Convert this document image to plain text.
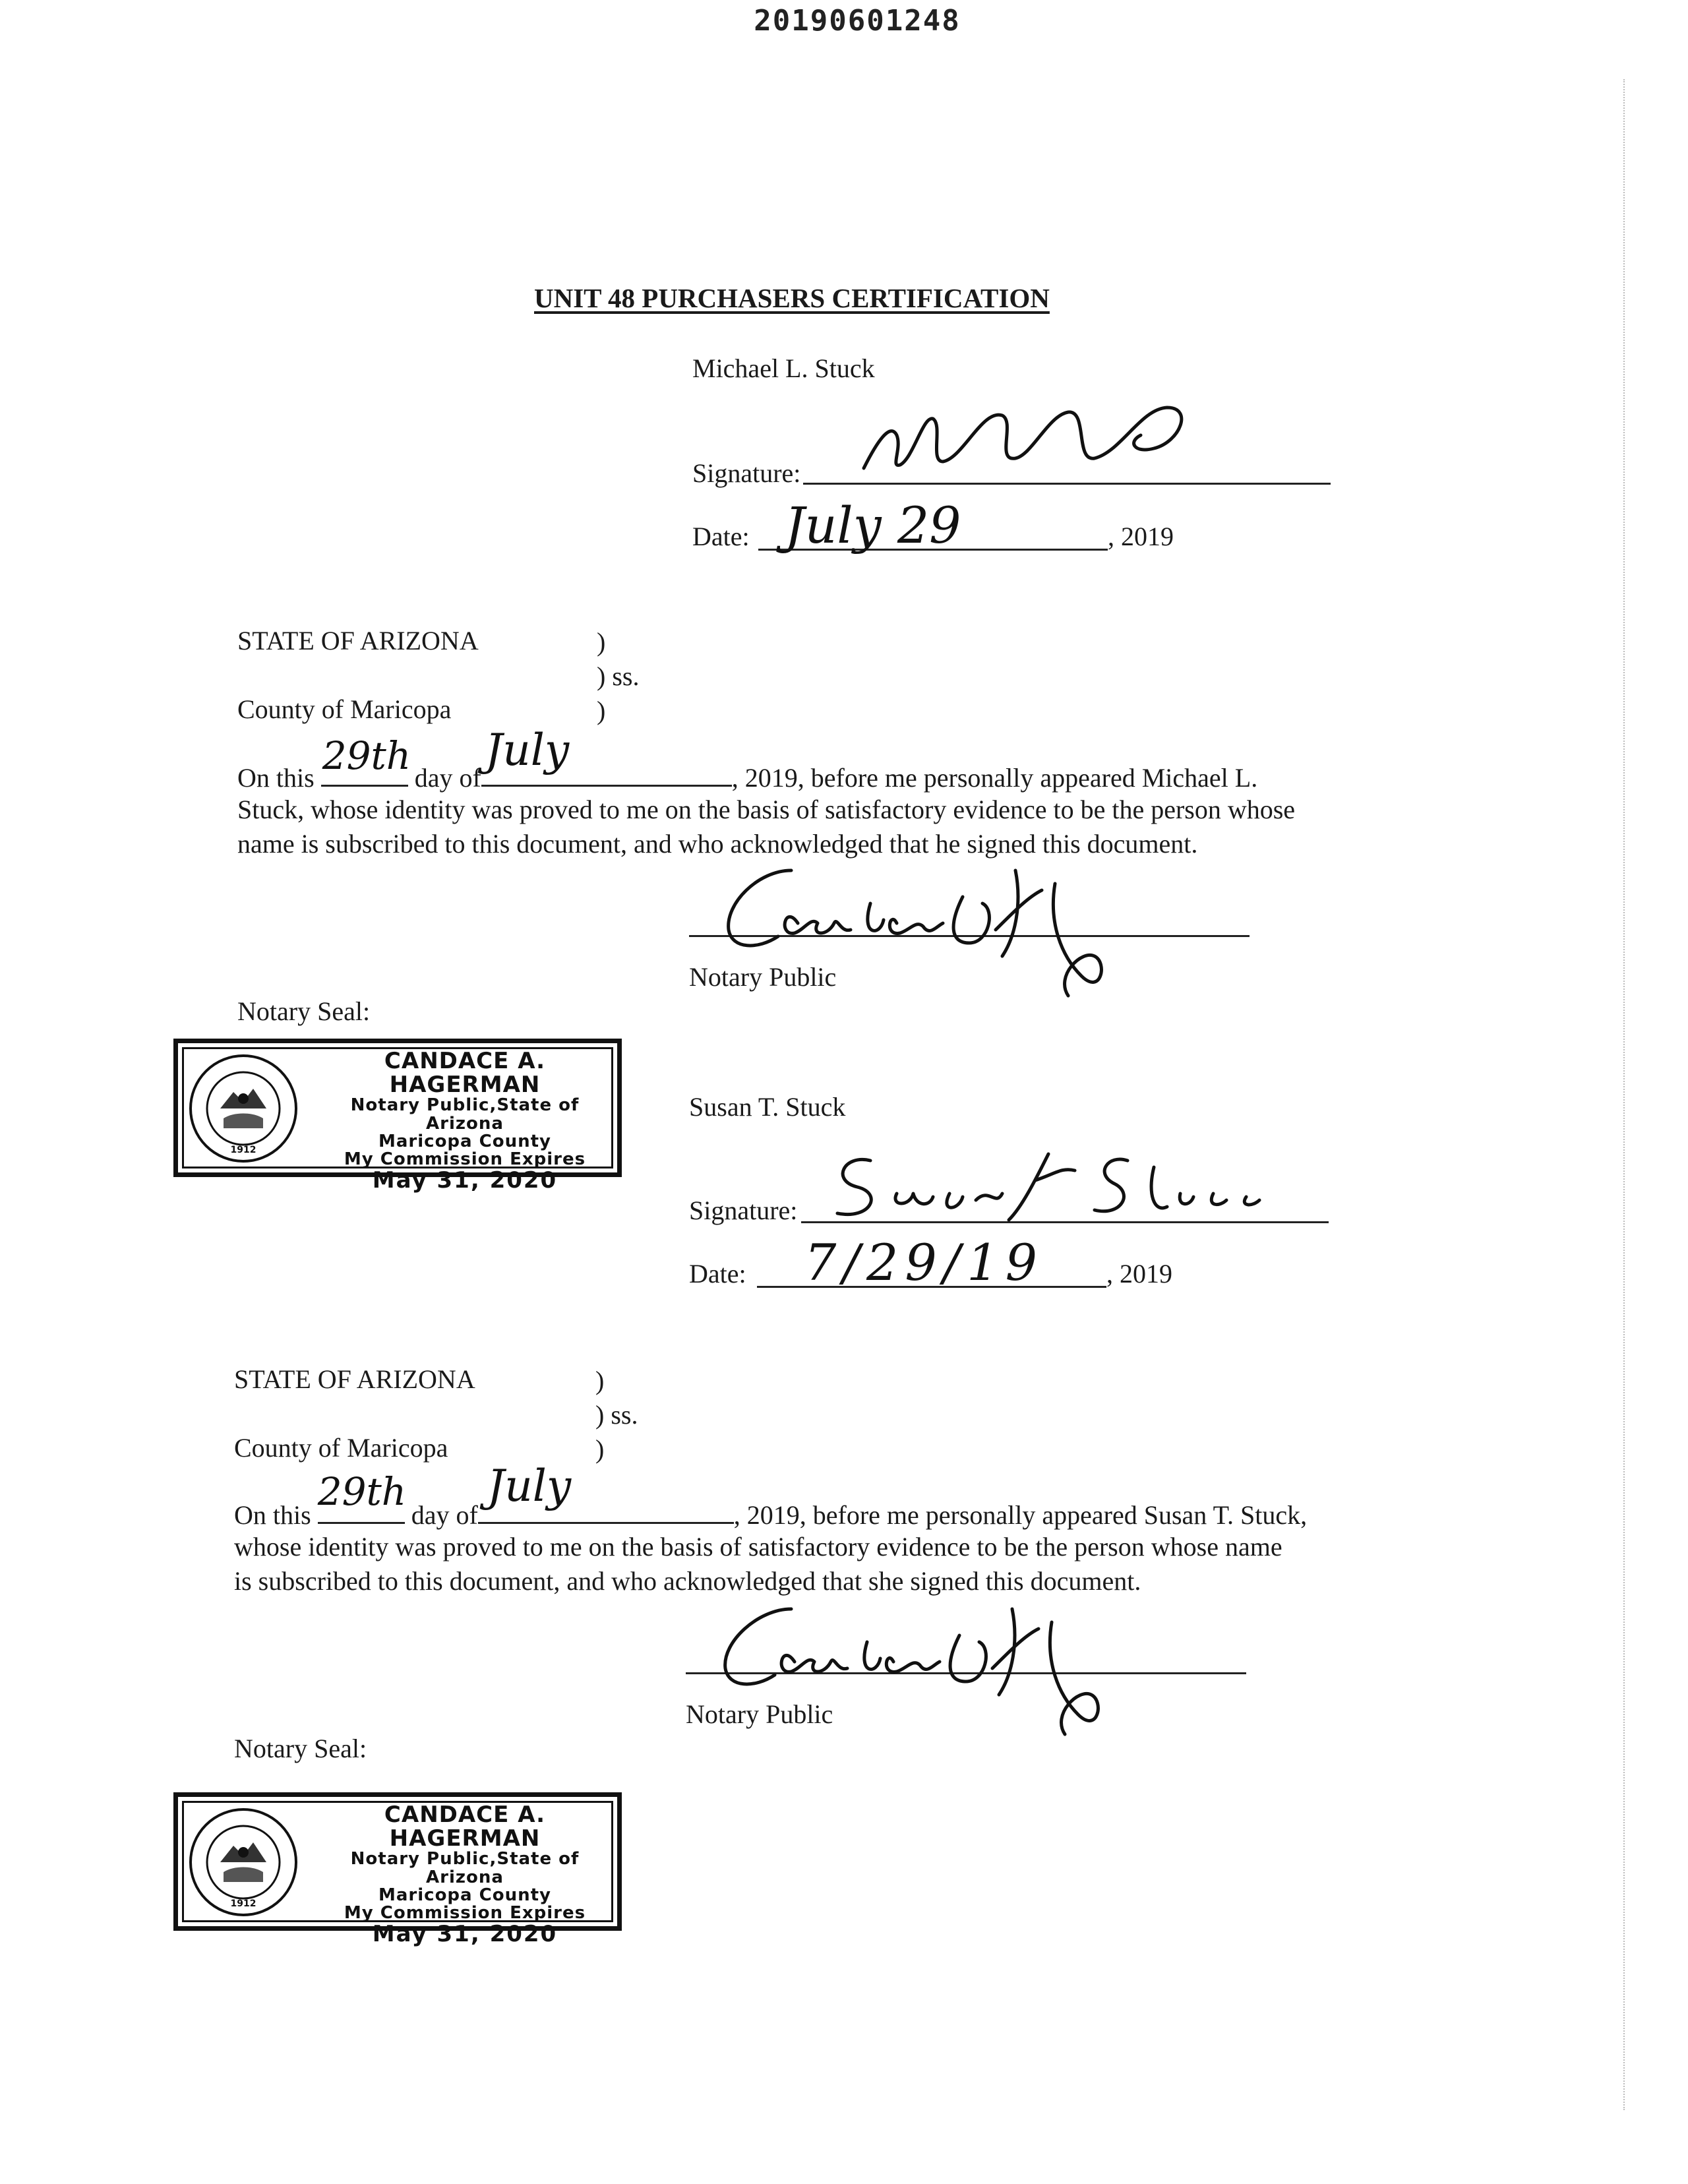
20190601248
UNIT 48 PURCHASERS CERTIFICATION
Michael L. Stuck
Signature:
Date: July 29	, 2019
STATE OF ARIZONA	)
) ss.
County of Maricopa	)
On this 29th day of
July
, 2019, before me personally appeared Michael L.
Stuck, whose identity was proved to me on the basis of satisfactory evidence to be the person whose
name is subscribed to this document, and who acknowledged that he signed this document.
Notary Public
Notary Seal:
1912
CANDACE A. HAGERMAN
Notary Public,State of Arizona
Maricopa County
My Commission Expires
May 31, 2020
Susan T. Stuck
Signature:
Date: 7/29/19 , 2019
STATE OF ARIZONA	)
) ss.
County of Maricopa	)
On this
29th
day of
July
, 2019, before me personally appeared Susan T. Stuck,
whose identity was proved to me on the basis of satisfactory evidence to be the person whose name
is subscribed to this document, and who acknowledged that she signed this document.
Notary Public
Notary Seal:
1912
CANDACE A. HAGERMAN
Notary Public,State of Arizona
Maricopa County
My Commission Expires
May 31, 2020
